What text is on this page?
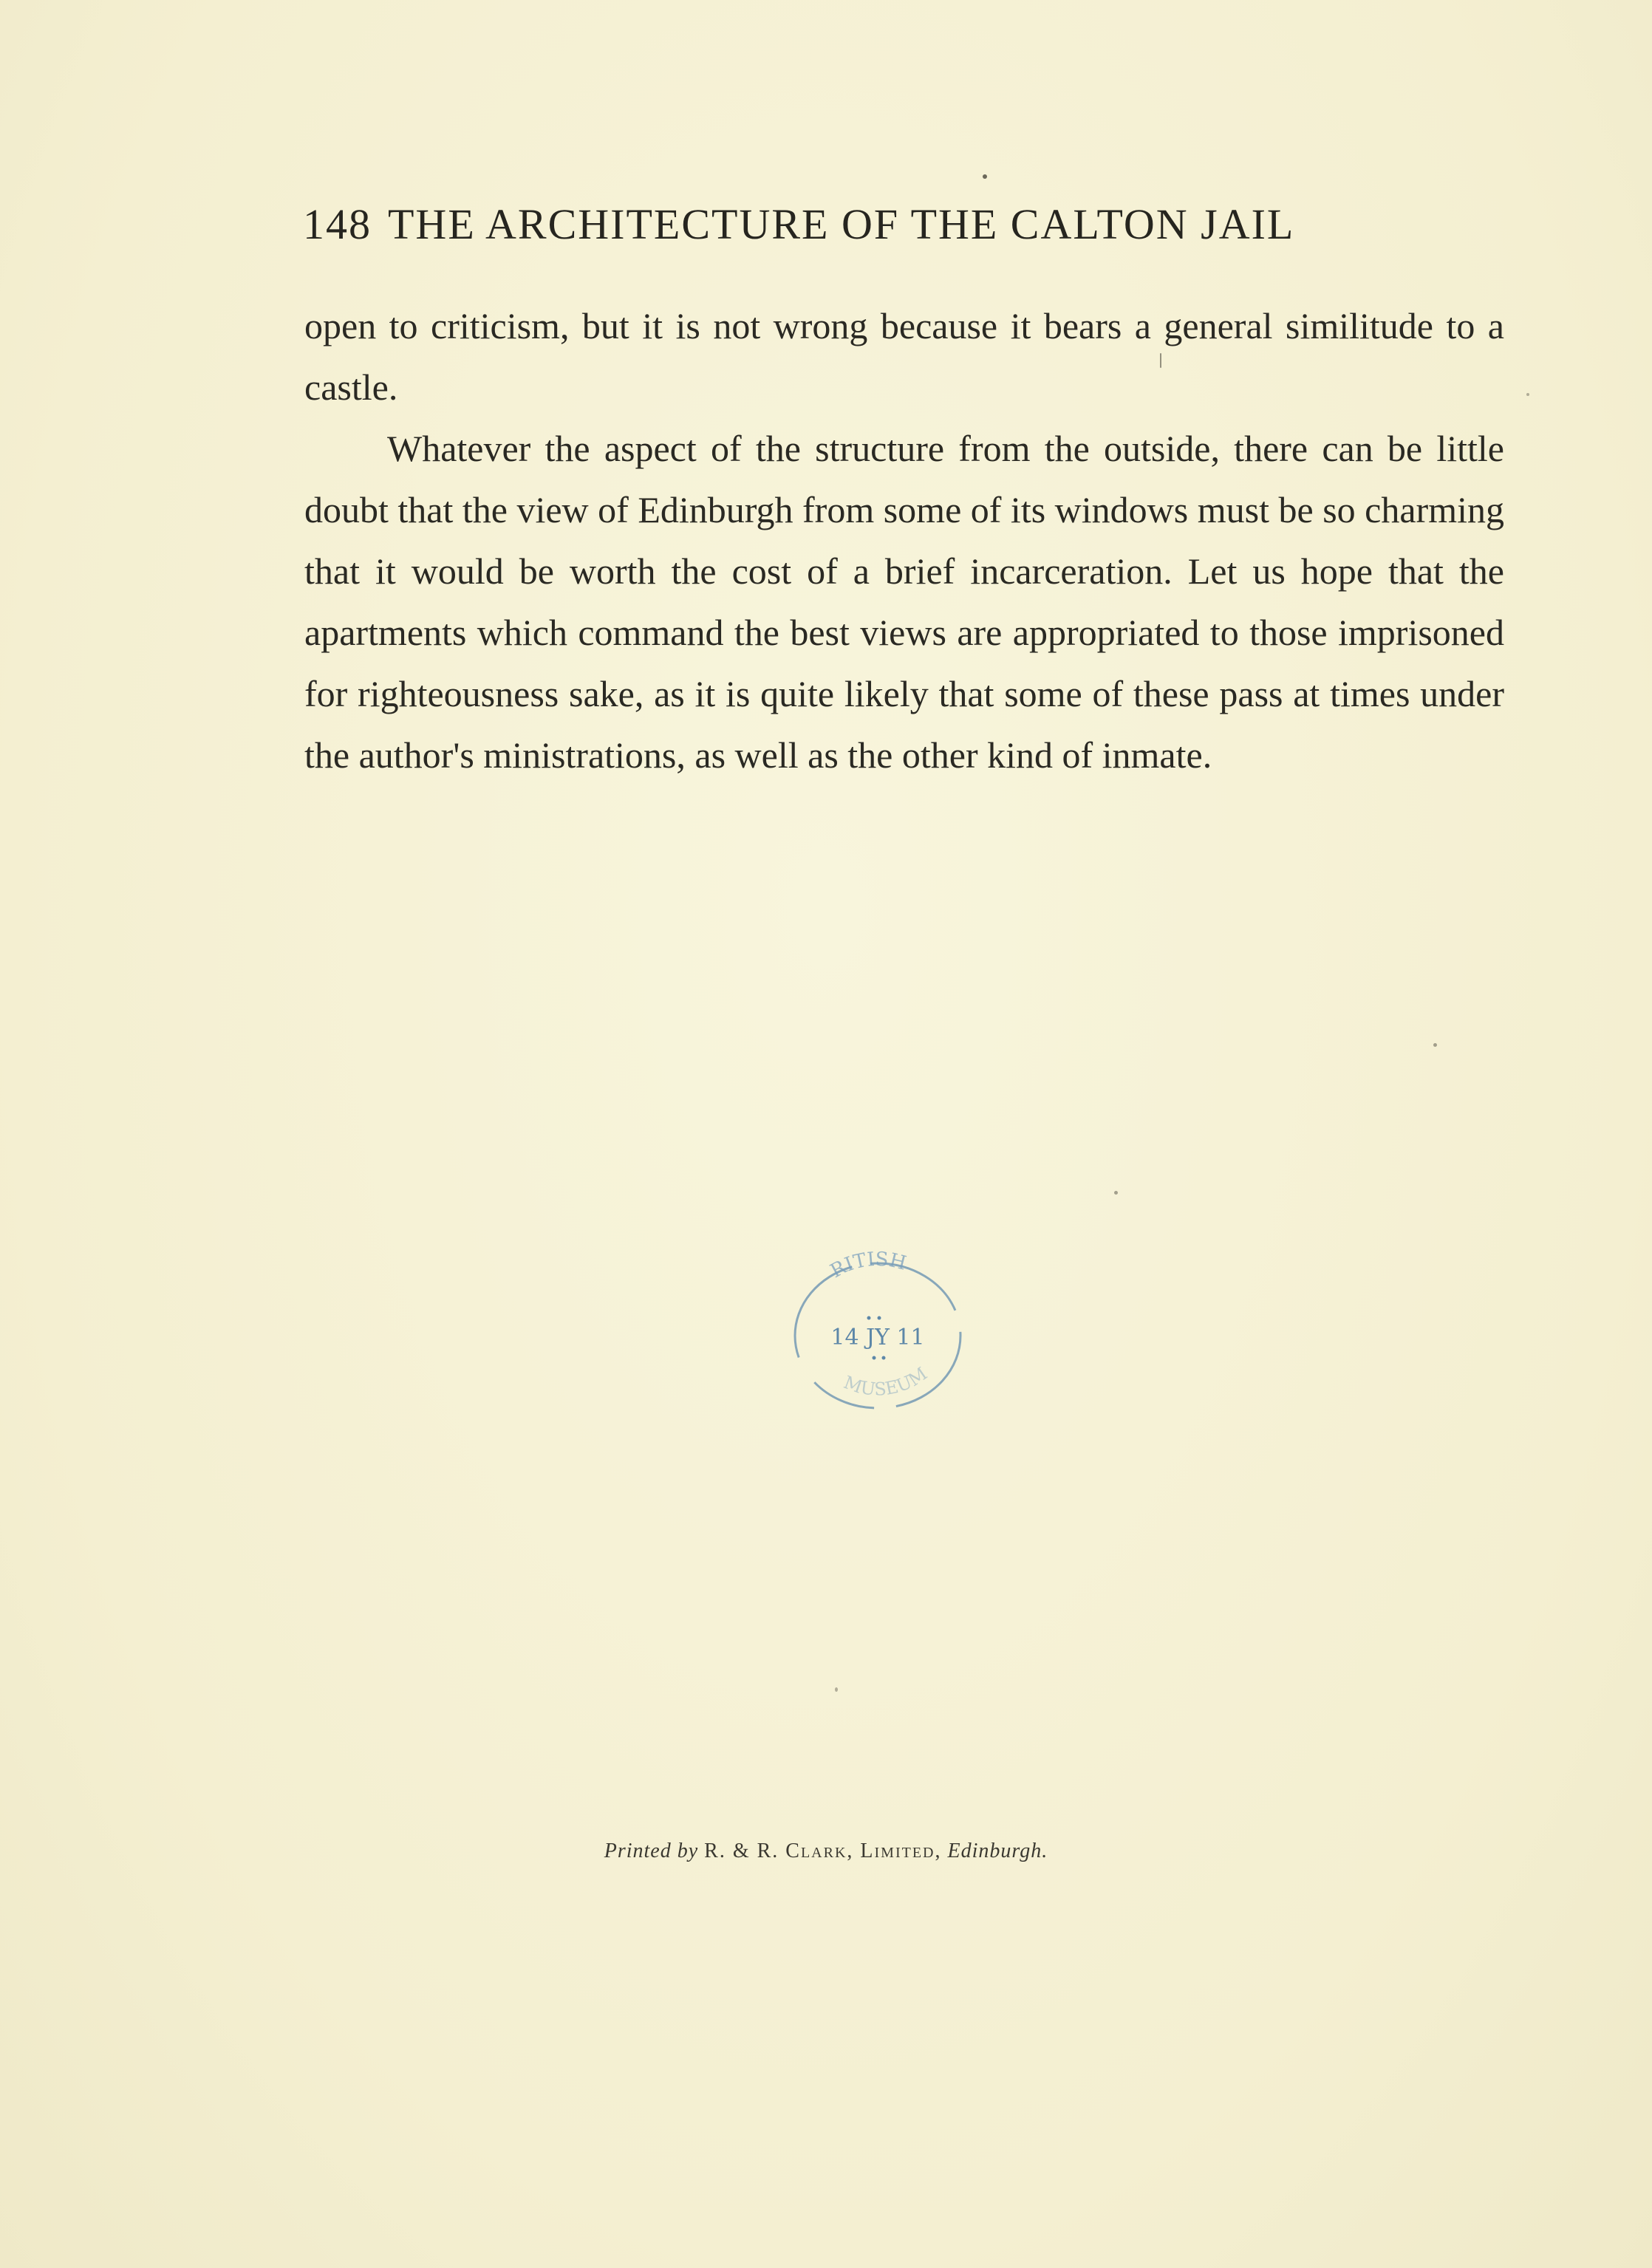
148 THE ARCHITECTURE OF THE CALTON JAIL

open to criticism, but it is not wrong because it bears a general similitude to a castle.

Whatever the aspect of the structure from the outside, there can be little doubt that the view of Edinburgh from some of its windows must be so charming that it would be worth the cost of a brief incarceration. Let us hope that the apartments which command the best views are appropriated to those imprisoned for righteousness sake, as it is quite likely that some of these pass at times under the author's ministrations, as well as the other kind of inmate.

RITISH
MUSEUM
14 JY 11
Printed by R. & R. Clark, Limited, Edinburgh.
